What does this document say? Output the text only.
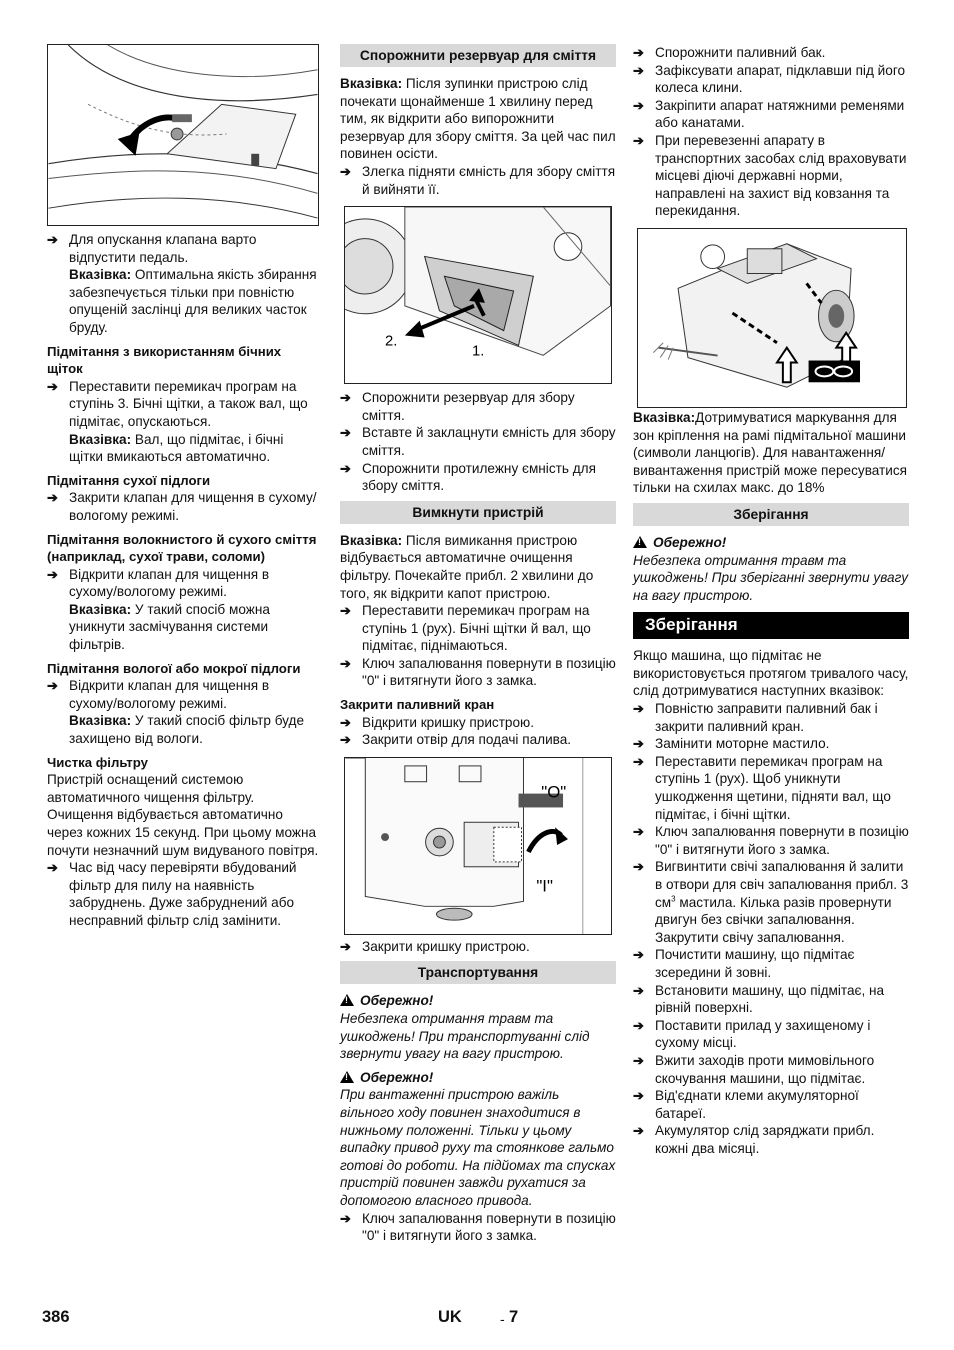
➔ Для опускання клапана варто відпустити педаль.
Вказівка: Оптимальна якість збирання забезпечується тільки при повністю опущеній заслінці для великих часток бруду.
Підмітання з використанням бічних щіток
➔ Переставити перемикач програм на ступінь 3. Бічні щітки, а також вал, що підмітає, опускаються.
Вказівка: Вал, що підмітає, і бічні щітки вмикаються автоматично.
Підмітання сухої підлоги
➔ Закрити клапан для чищення в сухому/вологому режимі.
Підмітання волокнистого й сухого сміття (наприклад, сухої трави, соломи)
➔ Відкрити клапан для чищення в сухому/вологому режимі.
Вказівка: У такий спосіб можна уникнути засмічування системи фільтрів.
Підмітання вологої або мокрої підлоги
➔ Відкрити клапан для чищення в сухому/вологому режимі.
Вказівка: У такий спосіб фільтр буде захищено від вологи.
Чистка фільтру
Пристрій оснащений системою автоматичного чищення фільтру. Очищення відбувається автоматично через кожних 15 секунд. При цьому можна почути незначний шум видуваного повітря.
➔ Час від часу перевіряти вбудований фільтр для пилу на наявність забруднень. Дуже забруднений або несправний фільтр слід замінити.
Спорожнити резервуар для сміття
Вказівка: Після зупинки пристрою слід почекати щонайменше 1 хвилину перед тим, як відкрити або випорожнити резервуар для збору сміття. За цей час пил повинен осісти.
➔ Злегка підняти ємність для збору сміття й вийняти її.
2.
1.
➔ Спорожнити резервуар для збору сміття.
➔ Вставте й заклацнути ємність для збору сміття.
➔ Спорожнити протилежну ємність для збору сміття.
Вимкнути пристрій
Вказівка: Після вимикання пристрою відбувається автоматичне очищення фільтру. Почекайте прибл. 2 хвилини до того, як відкрити капот пристрою.
➔ Переставити перемикач програм на ступінь 1 (рух). Бічні щітки й вал, що підмітає, піднімаються.
➔ Ключ запалювання повернути в позицію "0" і витягнути його з замка.
Закрити паливний кран
➔ Відкрити кришку пристрою.
➔ Закрити отвір для подачі палива.
"O"
"I"
➔ Закрити кришку пристрою.
Транспортування
!Обережно!
Небезпека отримання травм та ушкоджень! При транспортуванні слід звернути увагу на вагу пристрою.
!Обережно!
При вантаженні пристрою важіль вільного ходу повинен знаходитися в нижньому положенні. Тільки у цьому випадку привод руху та стоянкове гальмо готові до роботи. На підйомах та спусках пристрій повинен завжди рухатися за допомогою власного привода.
➔ Ключ запалювання повернути в позицію "0" і витягнути його з замка.
➔ Спорожнити паливний бак.
➔ Зафіксувати апарат, підклавши під його колеса клини.
➔ Закріпити апарат натяжними ременями або канатами.
➔ При перевезенні апарату в транспортних засобах слід враховувати місцеві діючі державні норми, направлені на захист від ковзання та перекидання.
Вказівка:Дотримуватися маркування для зон кріплення на рамі підмітальної машини (символи ланцюгів). Для навантаження/вивантаження пристрій може пересуватися тільки на схилах макс. до 18%
Зберігання
!Обережно!
Небезпека отримання травм та ушкоджень! При зберіганні звернути увагу на вагу пристрою.
Зберігання
Якщо машина, що підмітає не використовується протягом тривалого часу, слід дотримуватися наступних вказівок:
➔ Повністю заправити паливний бак і закрити паливний кран.
➔ Замінити моторне мастило.
➔ Переставити перемикач програм на ступінь 1 (рух). Щоб уникнути ушкодження щетини, підняти вал, що підмітає, і бічні щітки.
➔ Ключ запалювання повернути в позицію "0" і витягнути його з замка.
➔ Вигвинтити свічі запалювання й залити в отвори для свіч запалювання прибл. 3 $см^3$ мастила. Кілька разів провернути двигун без свічки запалювання. Закрутити свічу запалювання.
➔ Почистити машину, що підмітає зсередини й зовні.
➔ Встановити машину, що підмітає, на рівній поверхні.
➔ Поставити прилад у захищеному і сухому місці.
➔ Вжити заходів проти мимовільного скочування машини, що підмітає.
➔ Від'єднати клеми акумуляторної батареї.
➔ Акумулятор слід заряджати прибл. кожні два місяці.
386	UK	- 7
